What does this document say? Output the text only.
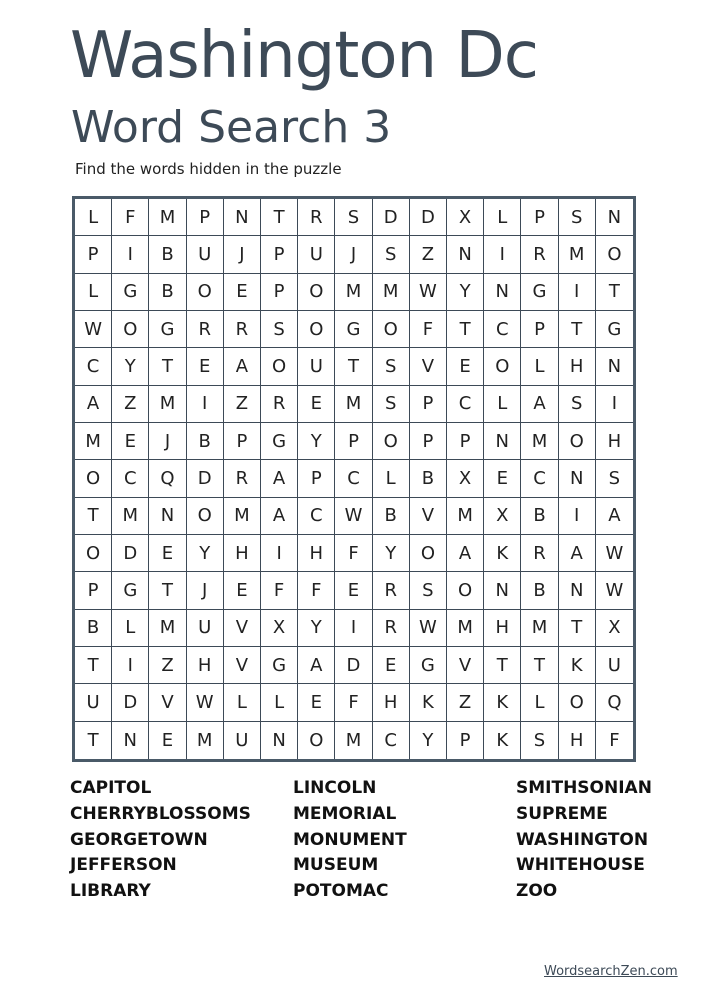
Washington Dc
Word Search 3
Find the words hidden in the puzzle
L	F	M	P	N	T	R	S	D	D	X	L	P	S	N
P	I	B	U	J	P	U	J	S	Z	N	I	R	M	O
L	G	B	O	E	P	O	M	M	W	Y	N	G	I	T
W	O	G	R	R	S	O	G	O	F	T	C	P	T	G
C	Y	T	E	A	O	U	T	S	V	E	O	L	H	N
A	Z	M	I	Z	R	E	M	S	P	C	L	A	S	I
M	E	J	B	P	G	Y	P	O	P	P	N	M	O	H
O	C	Q	D	R	A	P	C	L	B	X	E	C	N	S
T	M	N	O	M	A	C	W	B	V	M	X	B	I	A
O	D	E	Y	H	I	H	F	Y	O	A	K	R	A	W
P	G	T	J	E	F	F	E	R	S	O	N	B	N	W
B	L	M	U	V	X	Y	I	R	W	M	H	M	T	X
T	I	Z	H	V	G	A	D	E	G	V	T	T	K	U
U	D	V	W	L	L	E	F	H	K	Z	K	L	O	Q
T	N	E	M	U	N	O	M	C	Y	P	K	S	H	F
CAPITOL
CHERRYBLOSSOMS
GEORGETOWN
JEFFERSON
LIBRARY
LINCOLN
MEMORIAL
MONUMENT
MUSEUM
POTOMAC
SMITHSONIAN
SUPREME
WASHINGTON
WHITEHOUSE
ZOO
WordsearchZen.com
